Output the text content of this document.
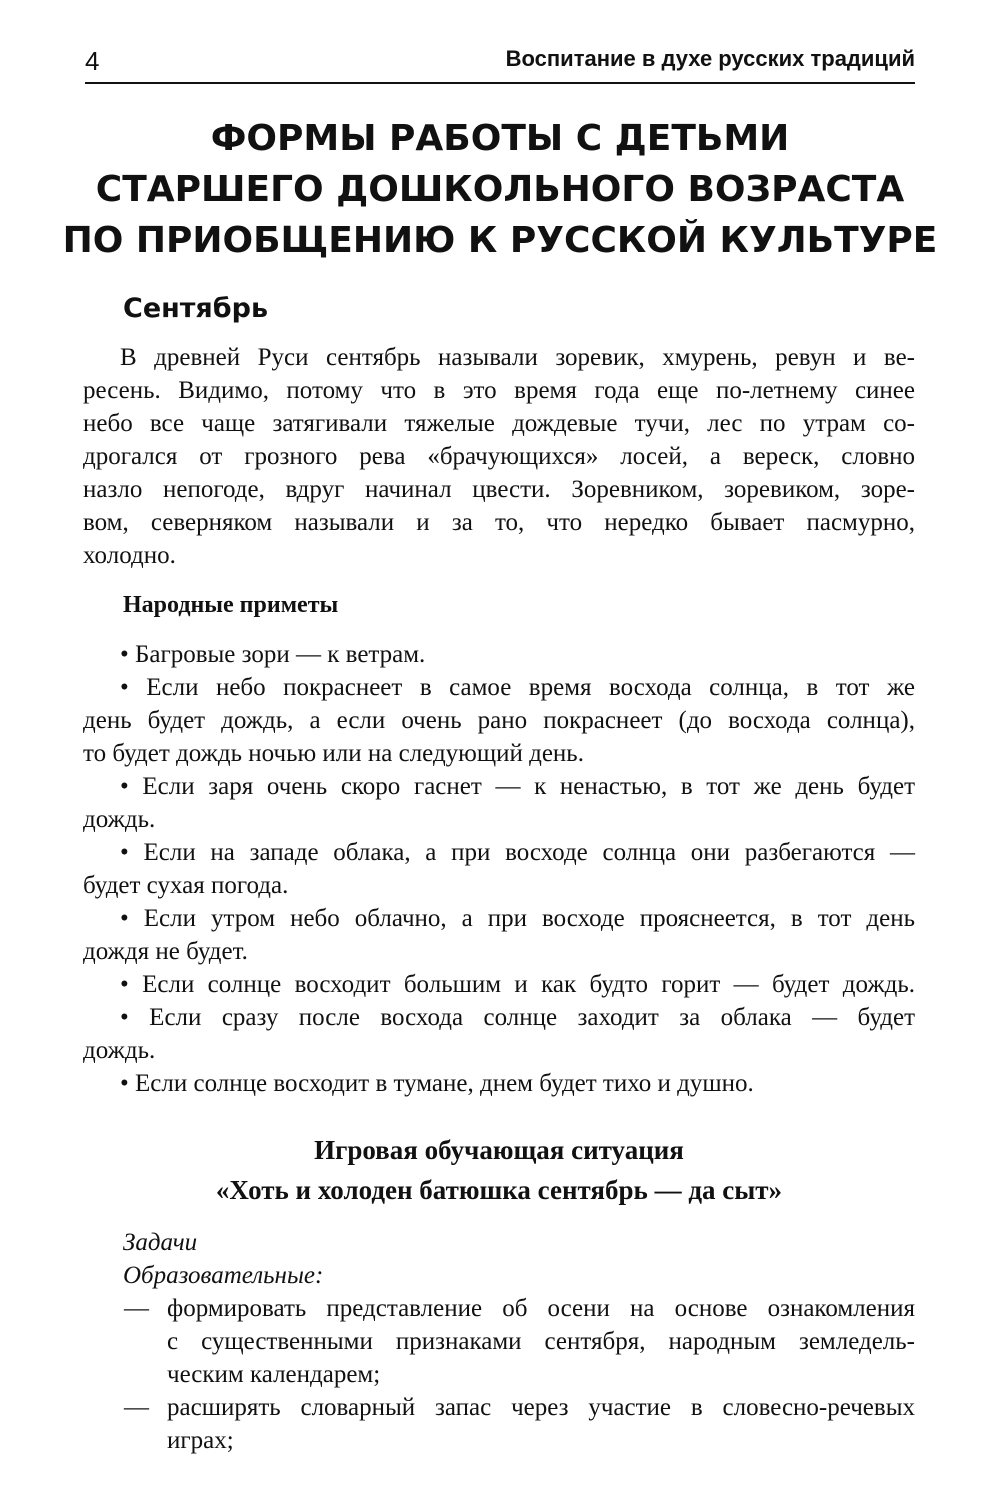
4	Воспитание в духе русских традиций
ФОРМЫ РАБОТЫ С ДЕТЬМИ
СТАРШЕГО ДОШКОЛЬНОГО ВОЗРАСТА
ПО ПРИОБЩЕНИЮ К РУССКОЙ КУЛЬТУРЕ
Сентябрь
В древней Руси сентябрь называли зоревик, хмурень, ревун и ве-
ресень. Видимо, потому что в это время года еще по-летнему синее
небо все чаще затягивали тяжелые дождевые тучи, лес по утрам со-
дрогался от грозного рева «брачующихся» лосей, а вереск, словно
назло непогоде, вдруг начинал цвести. Зоревником, зоревиком, зоре-
вом, северняком называли и за то, что нередко бывает пасмурно,
холодно.
Народные приметы
• Багровые зори — к ветрам.
• Если небо покраснеет в самое время восхода солнца, в тот же
день будет дождь, а если очень рано покраснеет (до восхода солнца),
то будет дождь ночью или на следующий день.
• Если заря очень скоро гаснет — к ненастью, в тот же день будет
дождь.
• Если на западе облака, а при восходе солнца они разбегаются —
будет сухая погода.
• Если утром небо облачно, а при восходе прояснеется, в тот день
дождя не будет.
• Если солнце восходит большим и как будто горит — будет дождь.
• Если сразу после восхода солнце заходит за облака — будет
дождь.
• Если солнце восходит в тумане, днем будет тихо и душно.
Игровая обучающая ситуация
«Хоть и холоден батюшка сентябрь — да сыт»
Задачи
Образовательные:
— формировать представление об осени на основе ознакомления
с существенными признаками сентября, народным земледель-
ческим календарем;
— расширять словарный запас через участие в словесно-речевых
играх;
